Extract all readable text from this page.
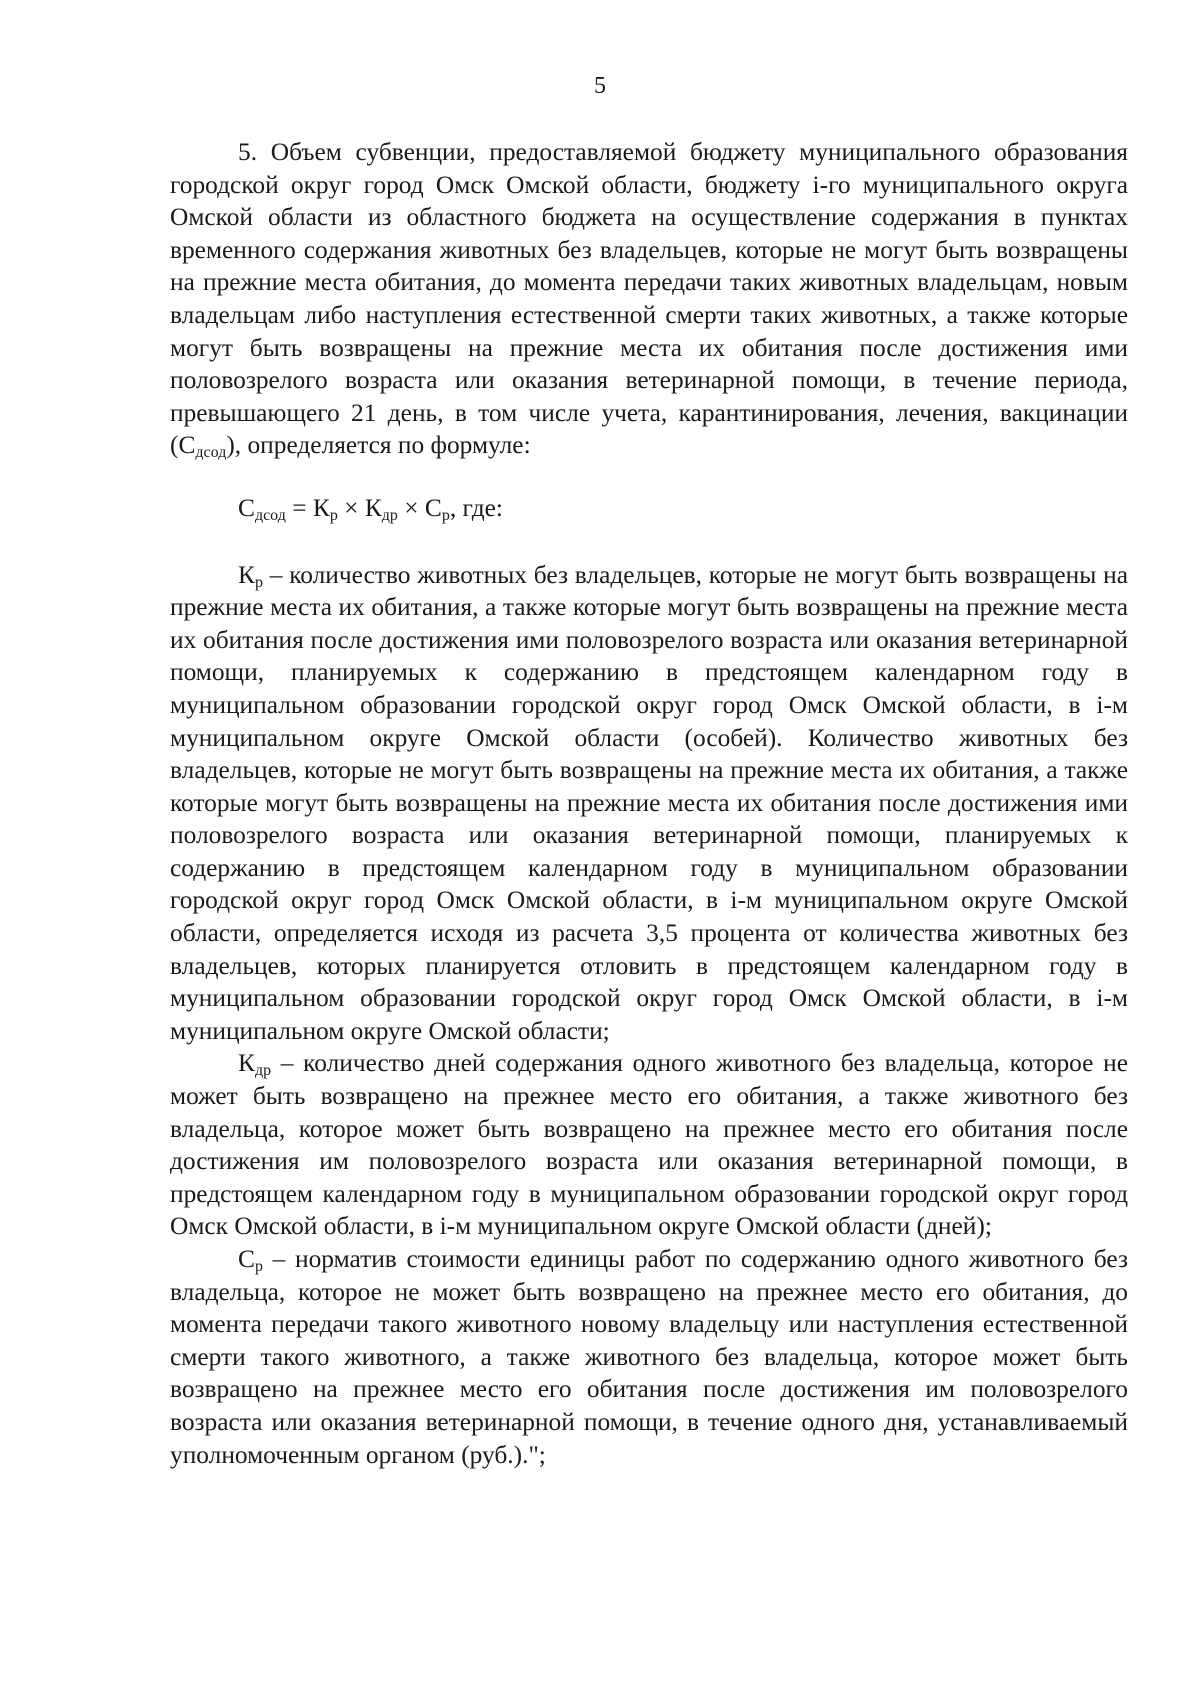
5

5. Объем субвенции, предоставляемой бюджету муниципального образования городской округ город Омск Омской области, бюджету i-го муниципального округа Омской области из областного бюджета на осуществление содержания в пунктах временного содержания животных без владельцев, которые не могут быть возвращены на прежние места обитания, до момента передачи таких животных владельцам, новым владельцам либо наступления естественной смерти таких животных, а также которые могут быть возвращены на прежние места их обитания после достижения ими половозрелого возраста или оказания ветеринарной помощи, в течение периода, превышающего 21 день, в том числе учета, карантинирования, лечения, вакцинации $(С_{дсод})$, определяется по формуле:

$С_{дсод} = К_р \times К_{др} \times С_р$, где:

$К_р$ – количество животных без владельцев, которые не могут быть возвращены на прежние места их обитания, а также которые могут быть возвращены на прежние места их обитания после достижения ими половозрелого возраста или оказания ветеринарной помощи, планируемых к содержанию в предстоящем календарном году в муниципальном образовании городской округ город Омск Омской области, в i-м муниципальном округе Омской области (особей). Количество животных без владельцев, которые не могут быть возвращены на прежние места их обитания, а также которые могут быть возвращены на прежние места их обитания после достижения ими половозрелого возраста или оказания ветеринарной помощи, планируемых к содержанию в предстоящем календарном году в муниципальном образовании городской округ город Омск Омской области, в i-м муниципальном округе Омской области, определяется исходя из расчета 3,5 процента от количества животных без владельцев, которых планируется отловить в предстоящем календарном году в муниципальном образовании городской округ город Омск Омской области, в i-м муниципальном округе Омской области;

$К_{др}$ – количество дней содержания одного животного без владельца, которое не может быть возвращено на прежнее место его обитания, а также животного без владельца, которое может быть возвращено на прежнее место его обитания после достижения им половозрелого возраста или оказания ветеринарной помощи, в предстоящем календарном году в муниципальном образовании городской округ город Омск Омской области, в i-м муниципальном округе Омской области (дней);

$С_р$ – норматив стоимости единицы работ по содержанию одного животного без владельца, которое не может быть возвращено на прежнее место его обитания, до момента передачи такого животного новому владельцу или наступления естественной смерти такого животного, а также животного без владельца, которое может быть возвращено на прежнее место его обитания после достижения им половозрелого возраста или оказания ветеринарной помощи, в течение одного дня, устанавливаемый уполномоченным органом (руб.).";
